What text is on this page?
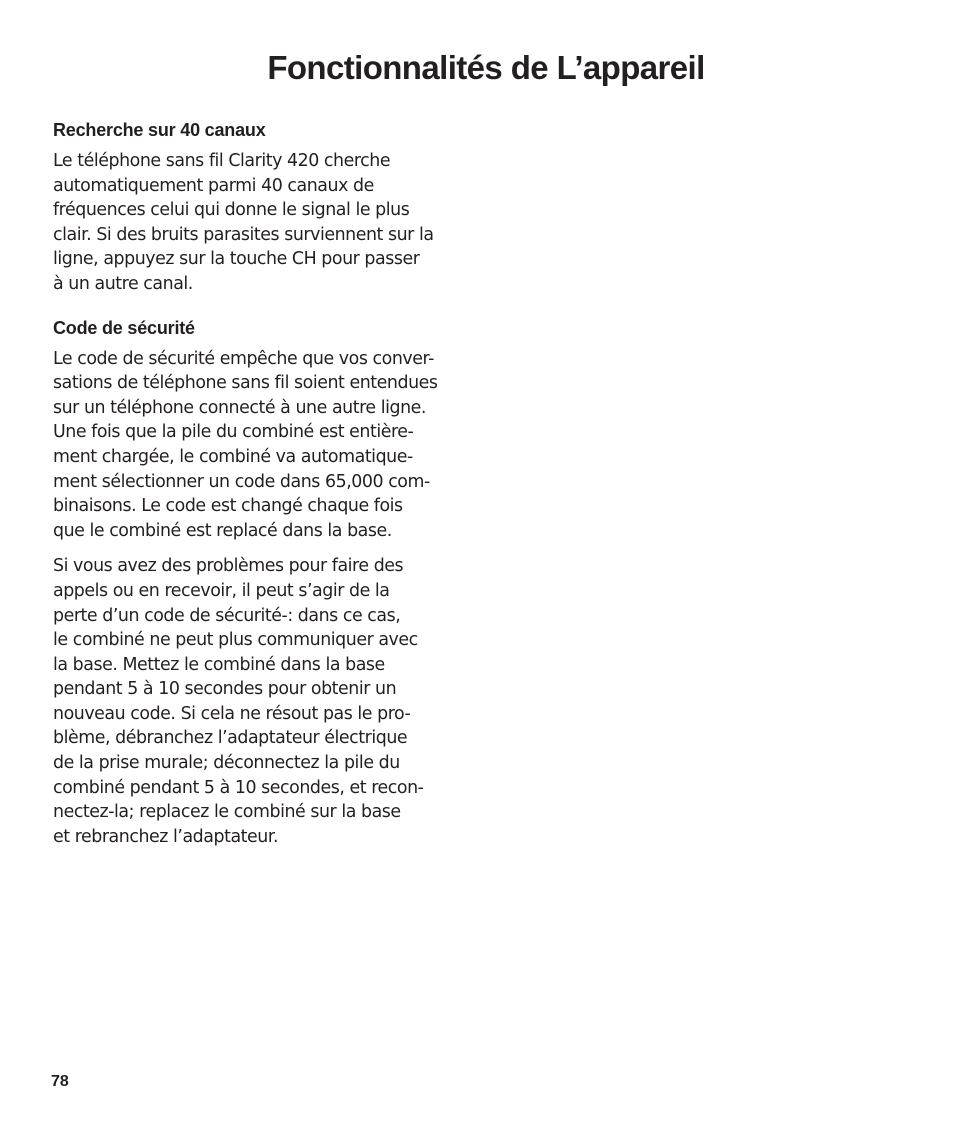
Fonctionnalités de L’appareil
Recherche sur 40 canaux

Le téléphone sans fil Clarity 420 cherche
automatiquement parmi 40 canaux de
fréquences celui qui donne le signal le plus
clair. Si des bruits parasites surviennent sur la
ligne, appuyez sur la touche CH pour passer
à un autre canal.

Code de sécurité

Le code de sécurité empêche que vos conver-
sations de téléphone sans fil soient entendues
sur un téléphone connecté à une autre ligne.
Une fois que la pile du combiné est entière-
ment chargée, le combiné va automatique-
ment sélectionner un code dans 65,000 com-
binaisons. Le code est changé chaque fois
que le combiné est replacé dans la base.

Si vous avez des problèmes pour faire des
appels ou en recevoir, il peut s’agir de la
perte d’un code de sécurité-: dans ce cas,
le combiné ne peut plus communiquer avec
la base. Mettez le combiné dans la base
pendant 5 à 10 secondes pour obtenir un
nouveau code. Si cela ne résout pas le pro-
blème, débranchez l’adaptateur électrique
de la prise murale; déconnectez la pile du
combiné pendant 5 à 10 secondes, et recon-
nectez-la; replacez le combiné sur la base
et rebranchez l’adaptateur.

78
